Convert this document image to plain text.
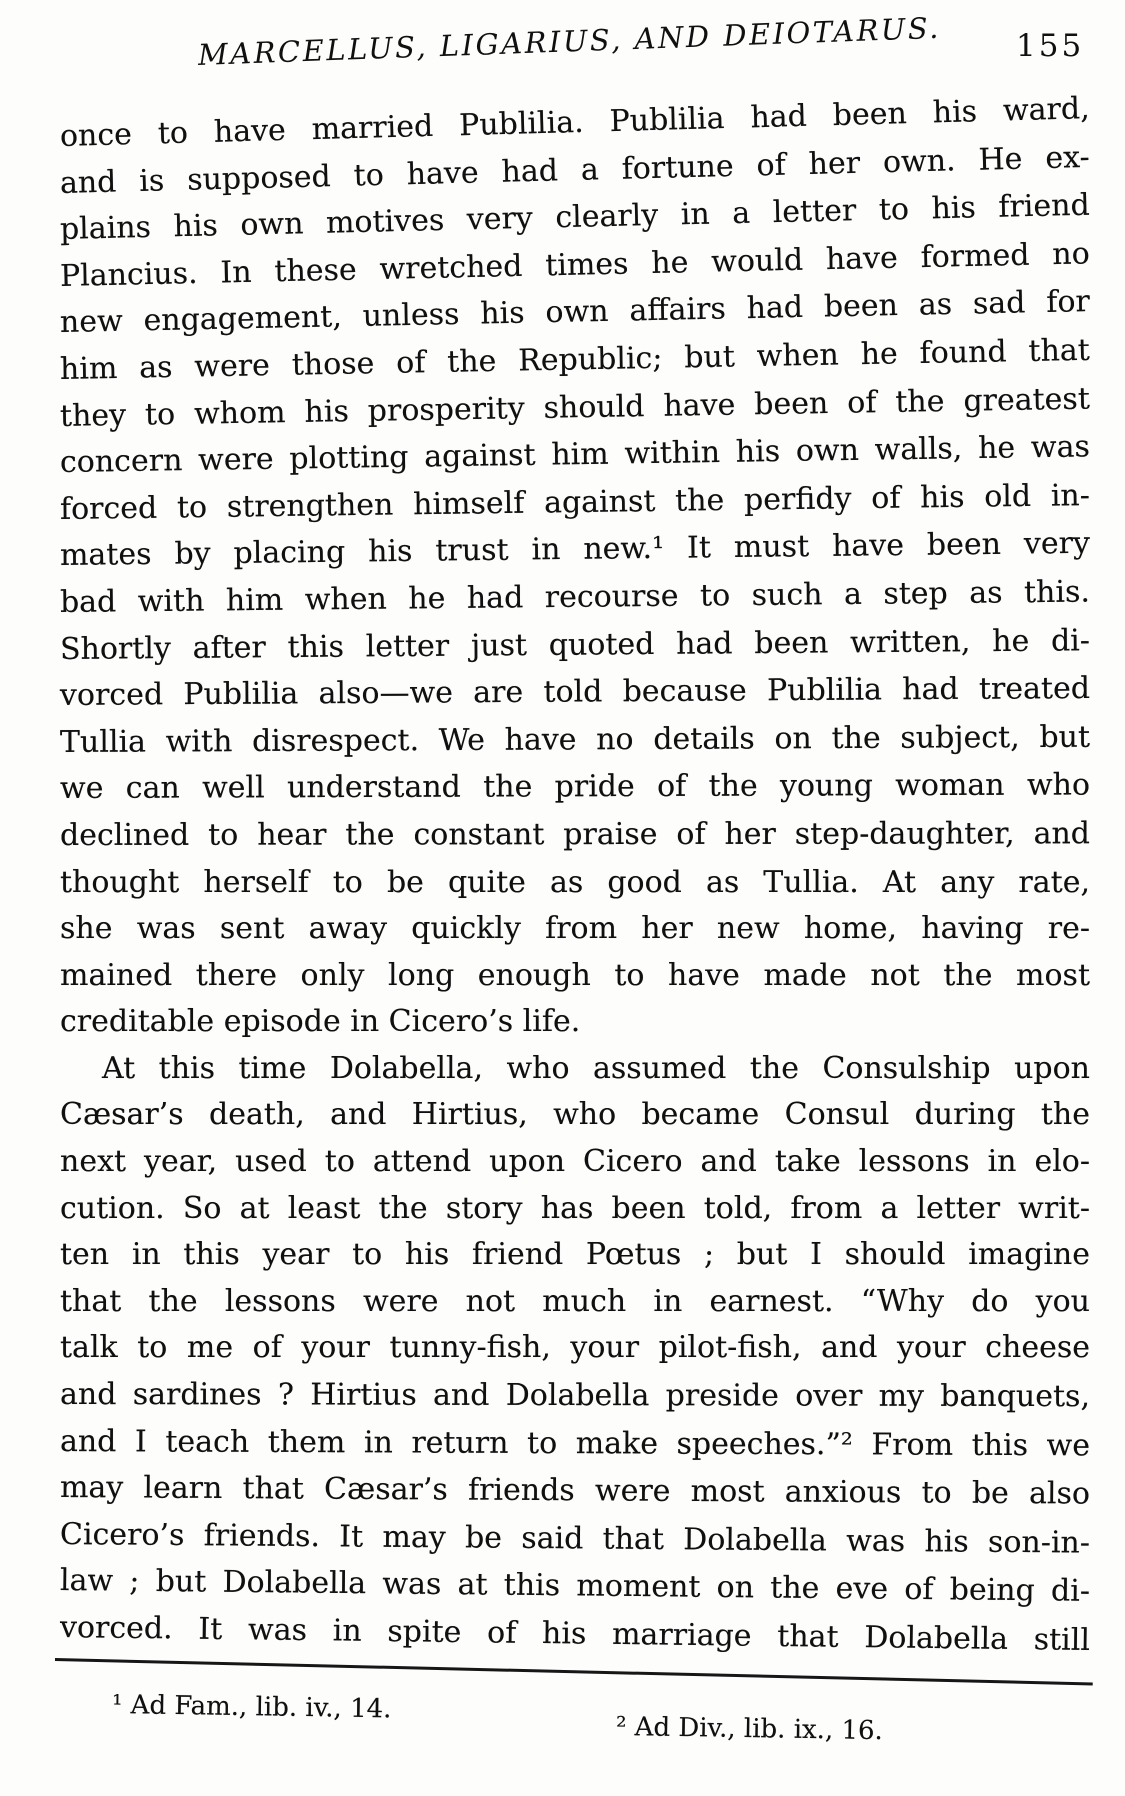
MARCELLUS, LIGARIUS, AND DEIOTARUS. 155
once to have married Publilia. Publilia had been his ward,
and is supposed to have had a fortune of her own. He ex-
plains his own motives very clearly in a letter to his friend
Plancius. In these wretched times he would have formed no
new engagement, unless his own affairs had been as sad for
him as were those of the Republic; but when he found that
they to whom his prosperity should have been of the greatest
concern were plotting against him within his own walls, he was
forced to strengthen himself against the perfidy of his old in-
mates by placing his trust in new.¹ It must have been very
bad with him when he had recourse to such a step as this.
Shortly after this letter just quoted had been written, he di-
vorced Publilia also—we are told because Publilia had treated
Tullia with disrespect. We have no details on the subject, but
we can well understand the pride of the young woman who
declined to hear the constant praise of her step-daughter, and
thought herself to be quite as good as Tullia. At any rate,
she was sent away quickly from her new home, having re-
mained there only long enough to have made not the most
creditable episode in Cicero’s life.
At this time Dolabella, who assumed the Consulship upon
Cæsar’s death, and Hirtius, who became Consul during the
next year, used to attend upon Cicero and take lessons in elo-
cution. So at least the story has been told, from a letter writ-
ten in this year to his friend Pœtus ; but I should imagine
that the lessons were not much in earnest. “Why do you
talk to me of your tunny-fish, your pilot-fish, and your cheese
and sardines ? Hirtius and Dolabella preside over my banquets,
and I teach them in return to make speeches.”² From this we
may learn that Cæsar’s friends were most anxious to be also
Cicero’s friends. It may be said that Dolabella was his son-in-
law ; but Dolabella was at this moment on the eve of being di-
vorced. It was in spite of his marriage that Dolabella still
¹ Ad Fam., lib. iv., 14.
² Ad Div., lib. ix., 16.
